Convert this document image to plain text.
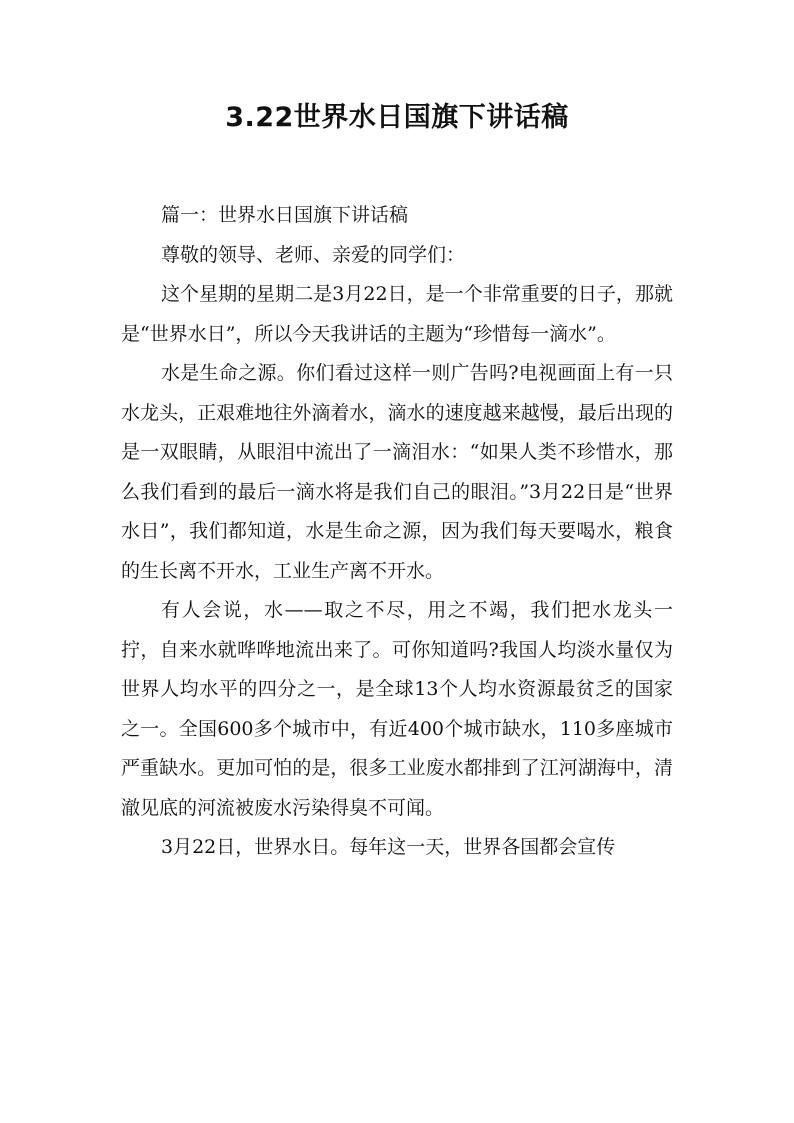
3.22世界水日国旗下讲话稿

篇一：世界水日国旗下讲话稿

尊敬的领导、老师、亲爱的同学们：

这个星期的星期二是3月22日，是一个非常重要的日子，那就是“世界水日”，所以今天我讲话的主题为“珍惜每一滴水”。

水是生命之源。你们看过这样一则广告吗?电视画面上有一只水龙头，正艰难地往外滴着水，滴水的速度越来越慢，最后出现的是一双眼睛，从眼泪中流出了一滴泪水：“如果人类不珍惜水，那么我们看到的最后一滴水将是我们自己的眼泪。”3月22日是“世界水日”，我们都知道，水是生命之源，因为我们每天要喝水，粮食的生长离不开水，工业生产离不开水。

有人会说，水——取之不尽，用之不竭，我们把水龙头一拧，自来水就哗哗地流出来了。可你知道吗?我国人均淡水量仅为世界人均水平的四分之一，是全球13个人均水资源最贫乏的国家之一。全国600多个城市中，有近400个城市缺水，110多座城市严重缺水。更加可怕的是，很多工业废水都排到了江河湖海中，清澈见底的河流被废水污染得臭不可闻。

3月22日，世界水日。每年这一天，世界各国都会宣传
